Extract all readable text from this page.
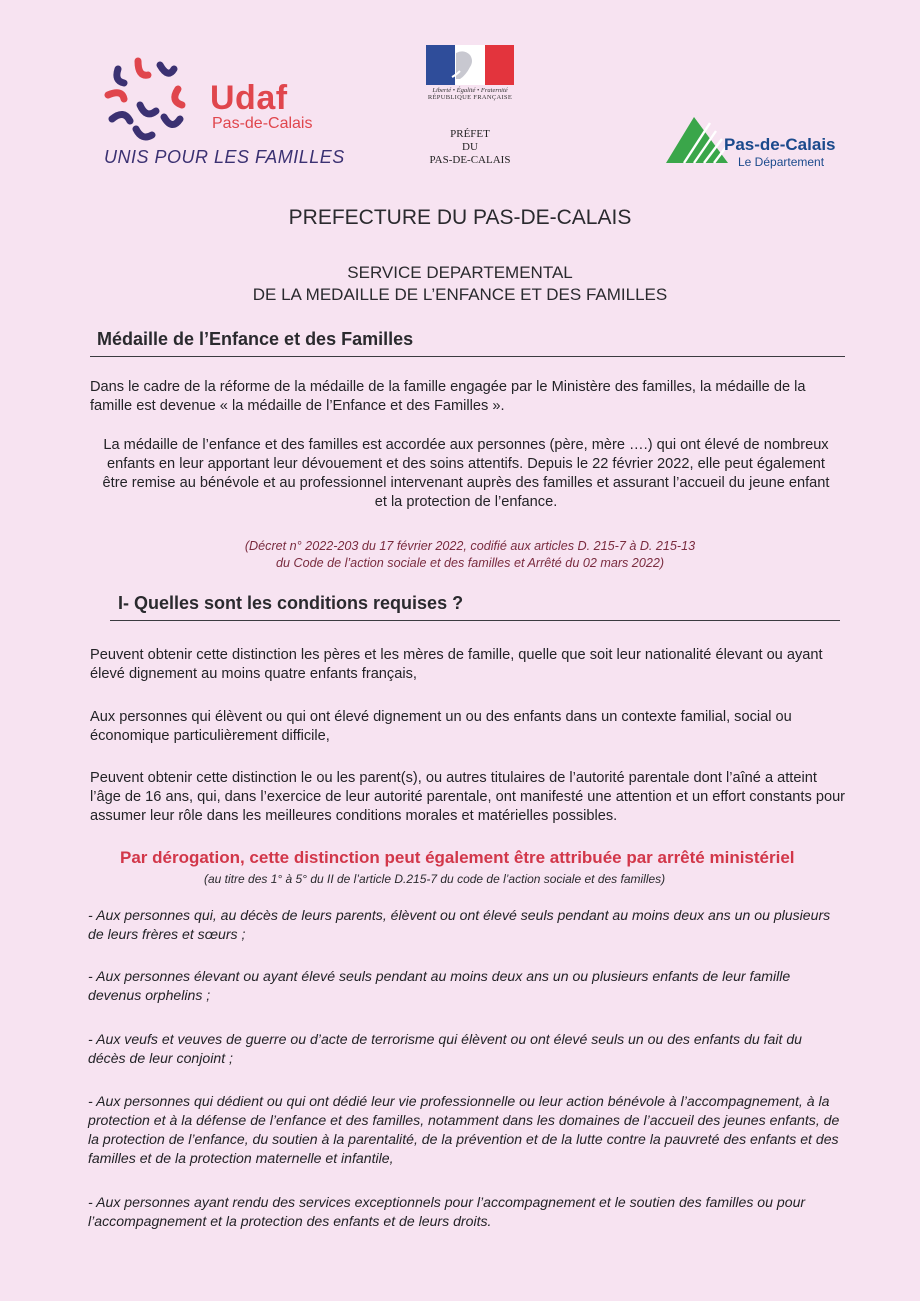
Udaf
Pas-de-Calais
UNIS POUR LES FAMILLES
Liberté • Égalité • Fraternité
RÉPUBLIQUE FRANÇAISE
PRÉFET
DU
PAS-DE-CALAIS
Pas-de-Calais
Le Département
PREFECTURE DU PAS-DE-CALAIS
SERVICE DEPARTEMENTAL
DE LA MEDAILLE DE L’ENFANCE ET DES FAMILLES
Médaille de l’Enfance et des Familles
Dans le cadre de la réforme de la médaille de la famille engagée par le Ministère des familles, la médaille de la famille est devenue « la médaille de l’Enfance et des Familles ».
La médaille de l’enfance et des familles est accordée aux personnes (père, mère ….) qui ont élevé de nombreux enfants en leur apportant leur dévouement et des soins attentifs. Depuis le 22 février 2022, elle peut également être remise au bénévole et au professionnel intervenant auprès des familles et assurant l’accueil du jeune enfant et la protection de l’enfance.
(Décret n° 2022-203 du 17 février 2022, codifié aux articles D. 215-7 à D. 215-13
du Code de l’action sociale et des familles et Arrêté du 02 mars 2022)
I- Quelles sont les conditions requises ?
Peuvent obtenir cette distinction les pères et les mères de famille, quelle que soit leur nationalité élevant ou ayant élevé dignement au moins quatre enfants français,
Aux personnes qui élèvent ou qui ont élevé dignement un ou des enfants dans un contexte familial, social ou économique particulièrement difficile,
Peuvent obtenir cette distinction le ou les parent(s), ou autres titulaires de l’autorité parentale dont l’aîné a atteint l’âge de 16 ans, qui, dans l’exercice de leur autorité parentale, ont manifesté une attention et un effort constants pour assumer leur rôle dans les meilleures conditions morales et matérielles possibles.
Par dérogation, cette distinction peut également être attribuée par arrêté ministériel
(au titre des 1° à 5° du II de l’article D.215-7 du code de l’action sociale et des familles)
- Aux personnes qui, au décès de leurs parents, élèvent ou ont élevé seuls pendant au moins deux ans un ou plusieurs de leurs frères et sœurs ;
- Aux personnes élevant ou ayant élevé seuls pendant au moins deux ans un ou plusieurs enfants de leur famille devenus orphelins ;
- Aux veufs et veuves de guerre ou d’acte de terrorisme qui élèvent ou ont élevé seuls un ou des enfants du fait du décès de leur conjoint ;
- Aux personnes qui dédient ou qui ont dédié leur vie professionnelle ou leur action bénévole à l’accompagnement, à la protection et à la défense de l’enfance et des familles, notamment dans les domaines de l’accueil des jeunes enfants, de la protection de l’enfance, du soutien à la parentalité, de la prévention et de la lutte contre la pauvreté des enfants et des familles et de la protection maternelle et infantile,
- Aux personnes ayant rendu des services exceptionnels pour l’accompagnement et le soutien des familles ou pour l’accompagnement et la protection des enfants et de leurs droits.
